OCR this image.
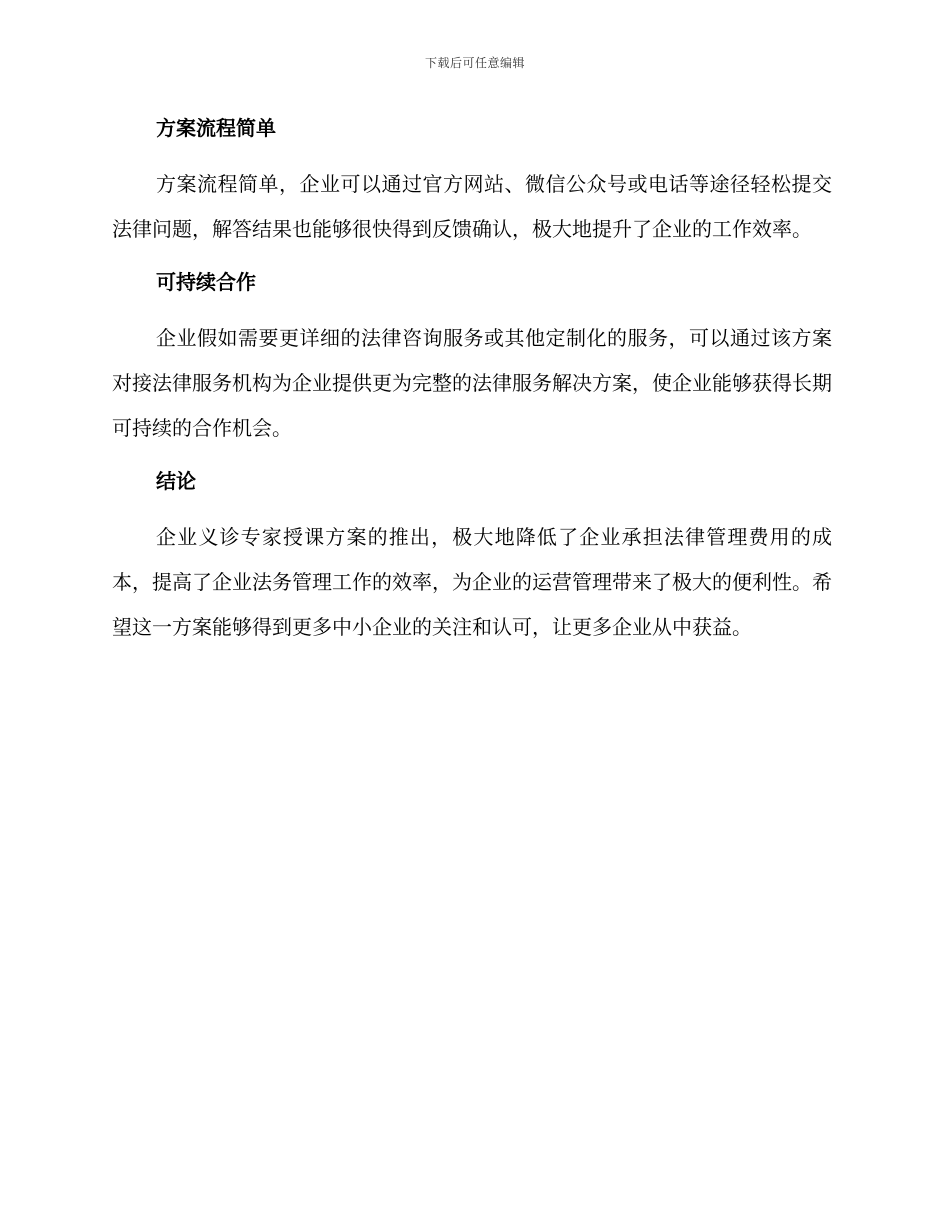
下载后可任意编辑
方案流程简单

方案流程简单，企业可以通过官方网站、微信公众号或电话等途径轻松提交法律问题，解答结果也能够很快得到反馈确认，极大地提升了企业的工作效率。

可持续合作

企业假如需要更详细的法律咨询服务或其他定制化的服务，可以通过该方案对接法律服务机构为企业提供更为完整的法律服务解决方案，使企业能够获得长期可持续的合作机会。

结论

企业义诊专家授课方案的推出，极大地降低了企业承担法律管理费用的成本，提高了企业法务管理工作的效率，为企业的运营管理带来了极大的便利性。希望这一方案能够得到更多中小企业的关注和认可，让更多企业从中获益。
